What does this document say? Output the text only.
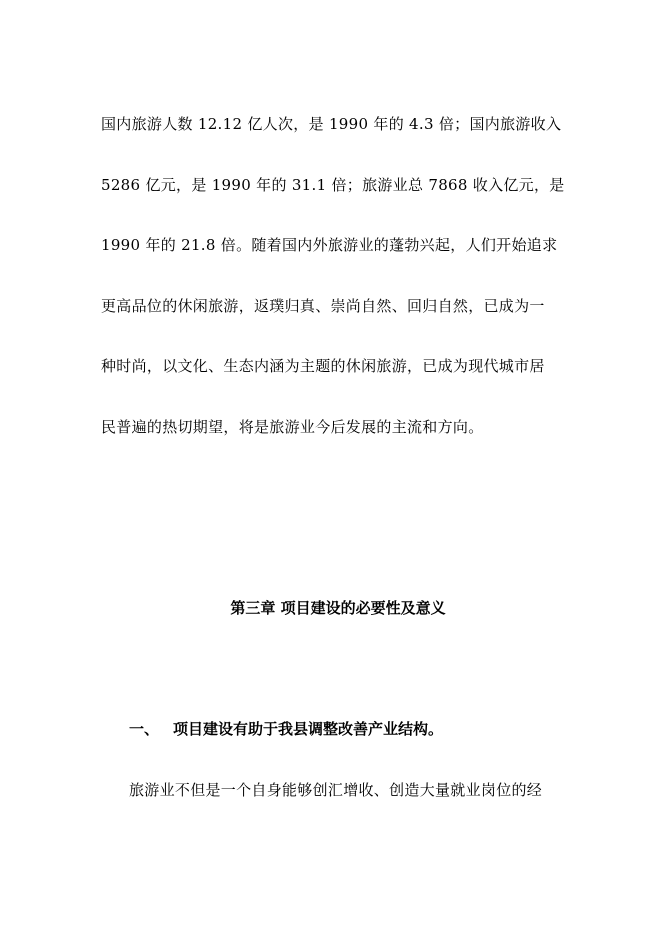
国内旅游人数 12.12 亿人次，是 1990 年的 4.3 倍；国内旅游收入
5286 亿元，是 1990 年的 31.1 倍；旅游业总 7868 收入亿元，是
1990 年的 21.8 倍。随着国内外旅游业的蓬勃兴起，人们开始追求
更高品位的休闲旅游，返璞归真、崇尚自然、回归自然，已成为一
种时尚，以文化、生态内涵为主题的休闲旅游，已成为现代城市居
民普遍的热切期望，将是旅游业今后发展的主流和方向。
第三章 项目建设的必要性及意义
一、 项目建设有助于我县调整改善产业结构。
旅游业不但是一个自身能够创汇增收、创造大量就业岗位的经
